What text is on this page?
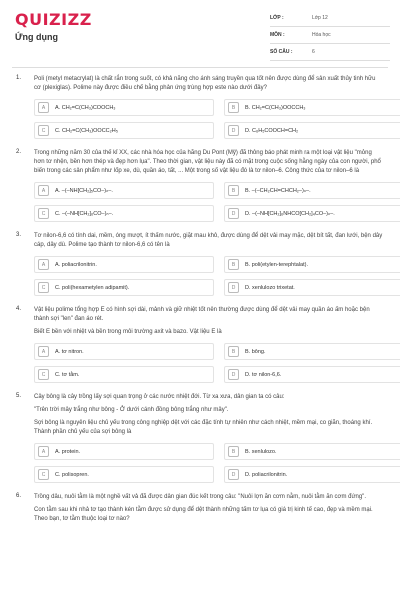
QUIZIZZ
Ứng dụng
LỚP :	Lớp 12
MÔN :	Hóa học
SỐ CÂU :	6
1. Poli (metyl metacrylat) là chất rắn trong suốt, có khả năng cho ánh sáng truyền qua tốt nên được dùng để sản xuất thủy tinh hữu cơ (plexiglas). Polime này được điều chế bằng phản ứng trùng hợp este nào dưới đây?

A	A. CH₂=C(CH₃)COOCH₃	B	B. CH₂=C(CH₃)OOCCH₃
C	C. CH₂=C(CH₃)OOCC₂H₅	D	D. C₆H₅COOCH=CH₂
2. Trong những năm 30 của thế kỉ XX, các nhà hóa học của hãng Du Pont (Mỹ) đã thông báo phát minh ra một loại vật liệu "mỏng hơn tơ nhện, bền hơn thép và đẹp hơn lụa". Theo thời gian, vật liệu này đã có mặt trong cuộc sống hằng ngày của con người, phổ biến trong các sản phẩm như lốp xe, dù, quần áo, tất, ... Một trong số vật liệu đó là tơ nilon–6. Công thức của tơ nilon–6 là

A	A. –(–NH[CH₂]₅CO–)ₙ–.	B	B. –(–CH₂CH=CHCH₂–)ₙ–.
C	C. –(–NH[CH₂]₆CO–)ₙ–.	D	D. –(–NH[CH₂]₆NHCO[CH₂]₄CO–)ₙ–.
3. Tơ nilon-6,6 có tính dai, mềm, óng mượt, ít thấm nước, giặt mau khô, được dùng để dệt vải may mặc, dệt bít tất, đan lưới, bện dây cáp, dây dù. Polime tạo thành tơ nilon-6,6 có tên là

A	A. poliacrilonitrin.	B	B. poli(etylen-terephtalat).
C	C. poli(hexametylen adipamit).	D	D. xenlulozo trixetat.
4. Vật liệu polime tổng hợp E có hình sợi dài, mảnh và giữ nhiệt tốt nên thường được dùng để dệt vải may quần áo ấm hoặc bện thành sợi "len" đan áo rét.

Biết E bền với nhiệt và bền trong môi trường axit và bazo. Vật liệu E là

A	A. tơ nitron.	B	B. bông.
C	C. tơ tằm.	D	D. tơ nilon-6,6.
5. Cây bông là cây trồng lấy sợi quan trọng ở các nước nhiệt đới. Từ xa xưa, dân gian ta có câu:

"Trên trời mây trắng như bông - Ở dưới cánh đồng bông trắng như mây".

Sợi bông là nguyên liệu chủ yếu trong công nghiệp dệt với các đặc tính tự nhiên như cách nhiệt, mềm mại, co giãn, thoáng khí. Thành phần chủ yếu của sợi bông là

A	A. protein.	B	B. xenlulozo.
C	C. polisopren.	D	D. poliacrilonitrin.
6. Trồng dâu, nuôi tằm là một nghề vất vả đã được dân gian đúc kết trong câu: "Nuôi lợn ăn cơm nằm, nuôi tằm ăn cơm đứng".

Con tằm sau khi nhả tơ tạo thành kén tằm được sử dụng để dệt thành những tấm tơ lụa có giá trị kinh tế cao, đẹp và mềm mại. Theo bạn, tơ tằm thuộc loại tơ nào?
